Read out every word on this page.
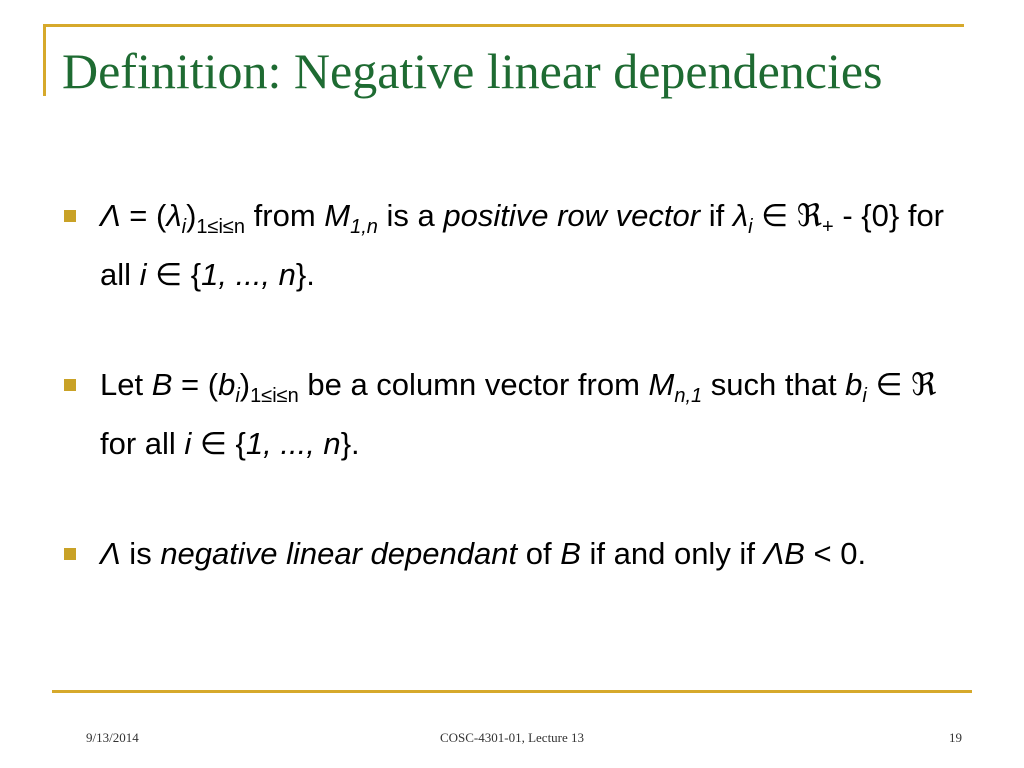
Definition: Negative linear dependencies
$\Lambda = (\lambda_i)_{1\le i\le n}$ from $M_{1,n}$ is a positive row vector if $\lambda_i$ ∈ ℜ$_+$ - {0} for all i ∈ {1, ..., n}.
Let $B = (b_i)_{1\le i\le n}$ be a column vector from $M_{n,1}$ such that $b_i$ ∈ ℜ for all i ∈ {1, ..., n}.
Λ is negative linear dependant of B if and only if ΛB < 0.
9/13/2014	COSC-4301-01, Lecture 13	19
